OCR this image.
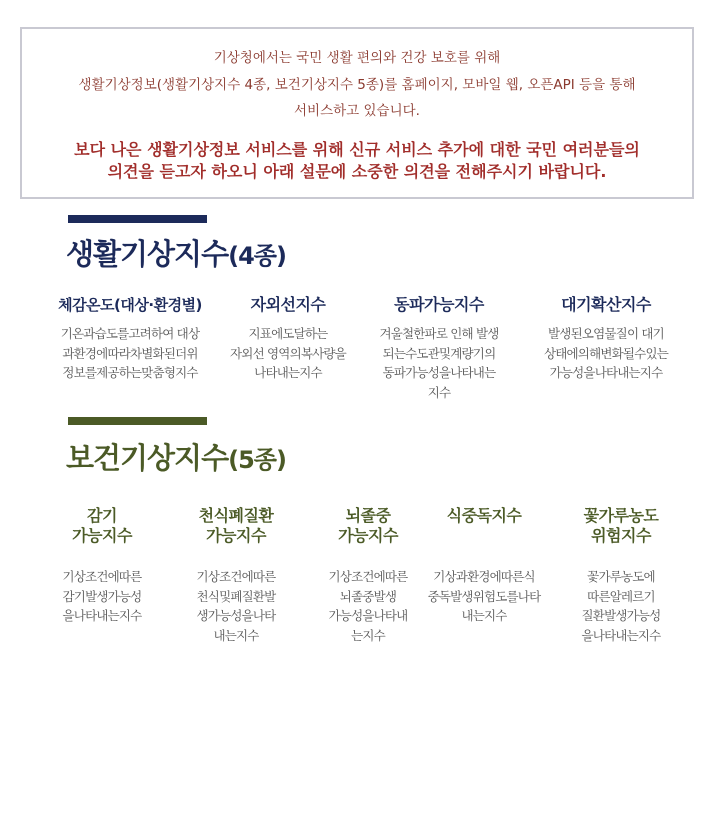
기상청에서는 국민 생활 편의와 건강 보호를 위해
생활기상정보(생활기상지수 4종, 보건기상지수 5종)를 홈페이지, 모바일 웹, 오픈API 등을 통해
서비스하고 있습니다.
보다 나은 생활기상정보 서비스를 위해 신규 서비스 추가에 대한 국민 여러분들의
의견을 듣고자 하오니 아래 설문에 소중한 의견을 전해주시기 바랍니다.
생활기상지수(4종)
체감온도(대상·환경별)
기온과습도를고려하여 대상
과환경에따라차별화된더위
정보를제공하는맞춤형지수
자외선지수
지표에도달하는
자외선 영역의복사량을
나타내는지수
동파가능지수
겨울철한파로 인해 발생
되는수도관및계량기의
동파가능성을나타내는
지수
대기확산지수
발생된오염물질이 대기
상태에의해변화될수있는
가능성을나타내는지수
보건기상지수(5종)
감기
가능지수
기상조건에따른
감기발생가능성
을나타내는지수
천식폐질환
가능지수
기상조건에따른
천식및폐질환발
생가능성을나타
내는지수
뇌졸중
가능지수
기상조건에따른
뇌졸중발생
가능성을나타내
는지수
식중독지수
기상과환경에따른식
중독발생위험도를나타
내는지수
꽃가루농도
위험지수
꽃가루농도에
따른알레르기
질환발생가능성
을나타내는지수
